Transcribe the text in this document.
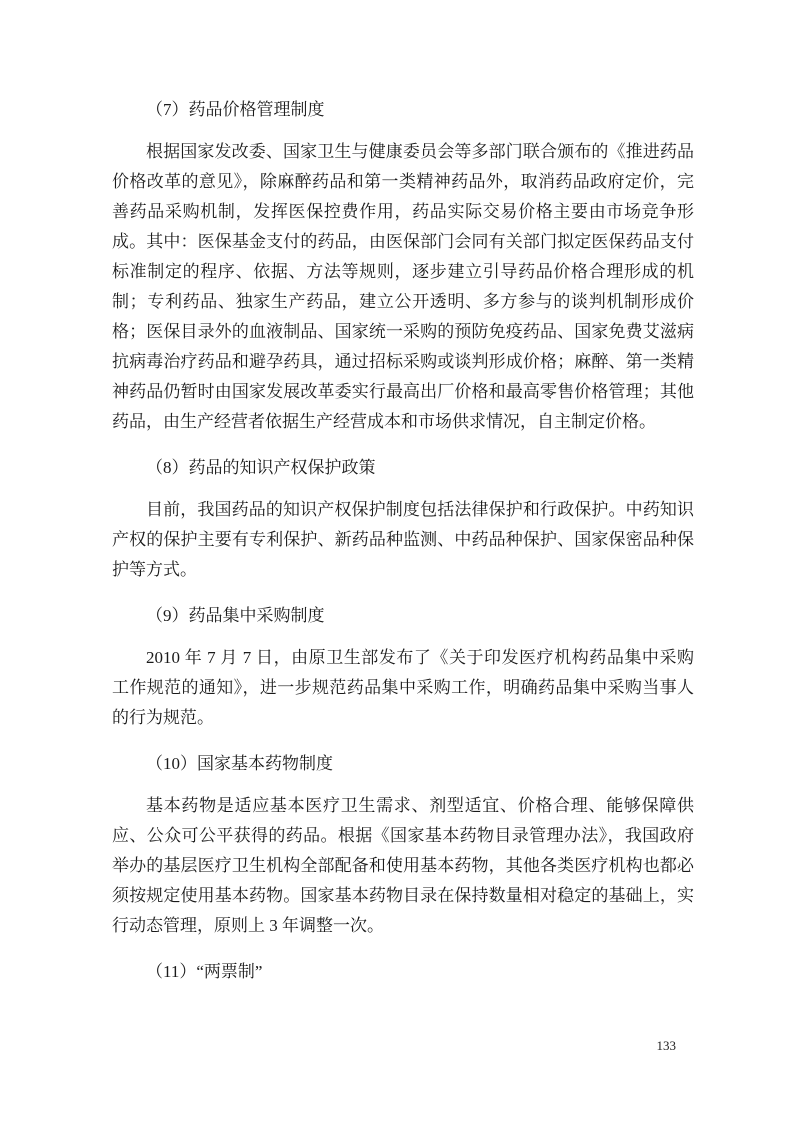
（7）药品价格管理制度

根据国家发改委、国家卫生与健康委员会等多部门联合颁布的《推进药品价格改革的意见》，除麻醉药品和第一类精神药品外，取消药品政府定价，完善药品采购机制，发挥医保控费作用，药品实际交易价格主要由市场竞争形成。其中：医保基金支付的药品，由医保部门会同有关部门拟定医保药品支付标准制定的程序、依据、方法等规则，逐步建立引导药品价格合理形成的机制；专利药品、独家生产药品，建立公开透明、多方参与的谈判机制形成价格；医保目录外的血液制品、国家统一采购的预防免疫药品、国家免费艾滋病抗病毒治疗药品和避孕药具，通过招标采购或谈判形成价格；麻醉、第一类精神药品仍暂时由国家发展改革委实行最高出厂价格和最高零售价格管理；其他药品，由生产经营者依据生产经营成本和市场供求情况，自主制定价格。

（8）药品的知识产权保护政策

目前，我国药品的知识产权保护制度包括法律保护和行政保护。中药知识产权的保护主要有专利保护、新药品种监测、中药品种保护、国家保密品种保护等方式。

（9）药品集中采购制度

2010 年 7 月 7 日，由原卫生部发布了《关于印发医疗机构药品集中采购工作规范的通知》，进一步规范药品集中采购工作，明确药品集中采购当事人的行为规范。

（10）国家基本药物制度

基本药物是适应基本医疗卫生需求、剂型适宜、价格合理、能够保障供应、公众可公平获得的药品。根据《国家基本药物目录管理办法》，我国政府举办的基层医疗卫生机构全部配备和使用基本药物，其他各类医疗机构也都必须按规定使用基本药物。国家基本药物目录在保持数量相对稳定的基础上，实行动态管理，原则上 3 年调整一次。

（11）“两票制”
133
